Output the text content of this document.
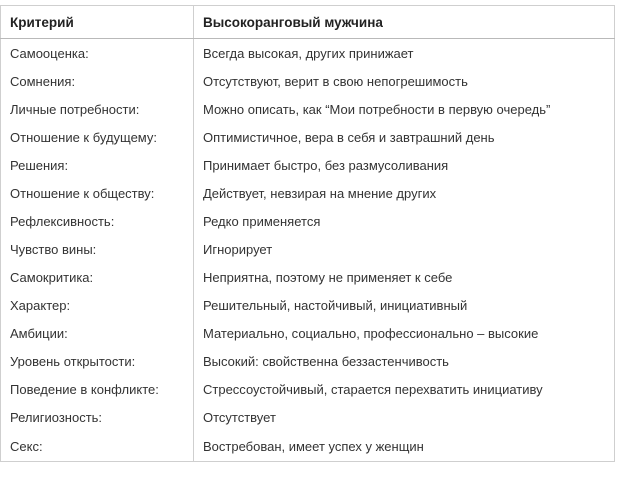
Критерий	Высокоранговый мужчина
Самооценка:	Всегда высокая, других принижает
Сомнения:	Отсутствуют, верит в свою непогрешимость
Личные потребности:	Можно описать, как “Мои потребности в первую очередь”
Отношение к будущему:	Оптимистичное, вера в себя и завтрашний день
Решения:	Принимает быстро, без размусоливания
Отношение к обществу:	Действует, невзирая на мнение других
Рефлексивность:	Редко применяется
Чувство вины:	Игнорирует
Самокритика:	Неприятна, поэтому не применяет к себе
Характер:	Решительный, настойчивый, инициативный
Амбиции:	Материально, социально, профессионально – высокие
Уровень открытости:	Высокий: свойственна беззастенчивость
Поведение в конфликте:	Стрессоустойчивый, старается перехватить инициативу
Религиозность:	Отсутствует
Секс:	Востребован, имеет успех у женщин
